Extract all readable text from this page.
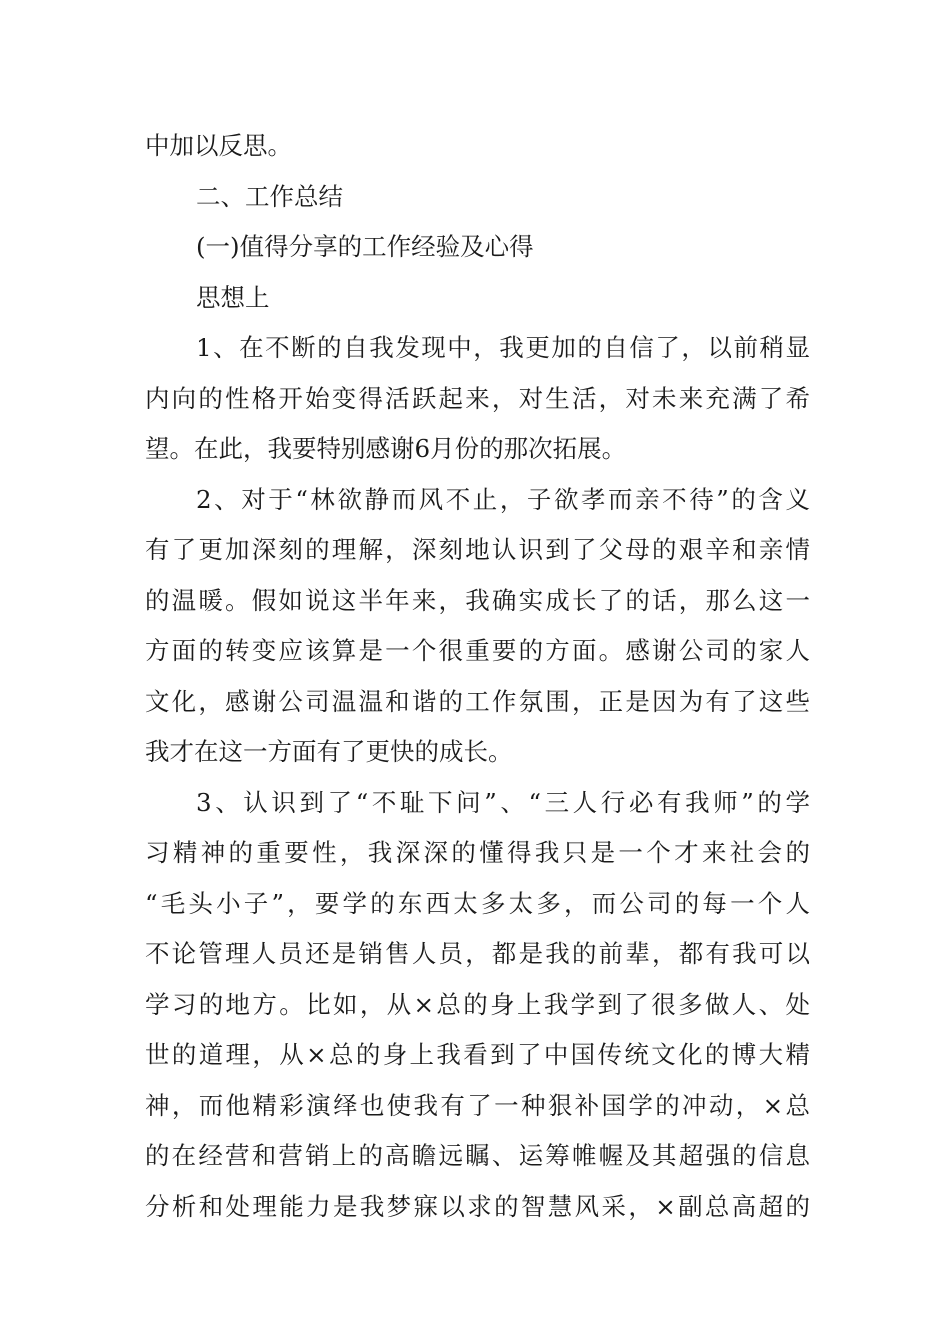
中加以反思。
二、工作总结
(一)值得分享的工作经验及心得
思想上
1、在不断的自我发现中，我更加的自信了，以前稍显
内向的性格开始变得活跃起来，对生活，对未来充满了希
望。在此，我要特别感谢6月份的那次拓展。
2、对于“林欲静而风不止，子欲孝而亲不待”的含义
有了更加深刻的理解，深刻地认识到了父母的艰辛和亲情
的温暖。假如说这半年来，我确实成长了的话，那么这一
方面的转变应该算是一个很重要的方面。感谢公司的家人
文化，感谢公司温温和谐的工作氛围，正是因为有了这些
我才在这一方面有了更快的成长。
3、认识到了“不耻下问”、“三人行必有我师”的学
习精神的重要性，我深深的懂得我只是一个才来社会的
“毛头小子”，要学的东西太多太多，而公司的每一个人
不论管理人员还是销售人员，都是我的前辈，都有我可以
学习的地方。比如，从×总的身上我学到了很多做人、处
世的道理，从×总的身上我看到了中国传统文化的博大精
神，而他精彩演绎也使我有了一种狠补国学的冲动，×总
的在经营和营销上的高瞻远瞩、运筹帷幄及其超强的信息
分析和处理能力是我梦寐以求的智慧风采，×副总高超的
